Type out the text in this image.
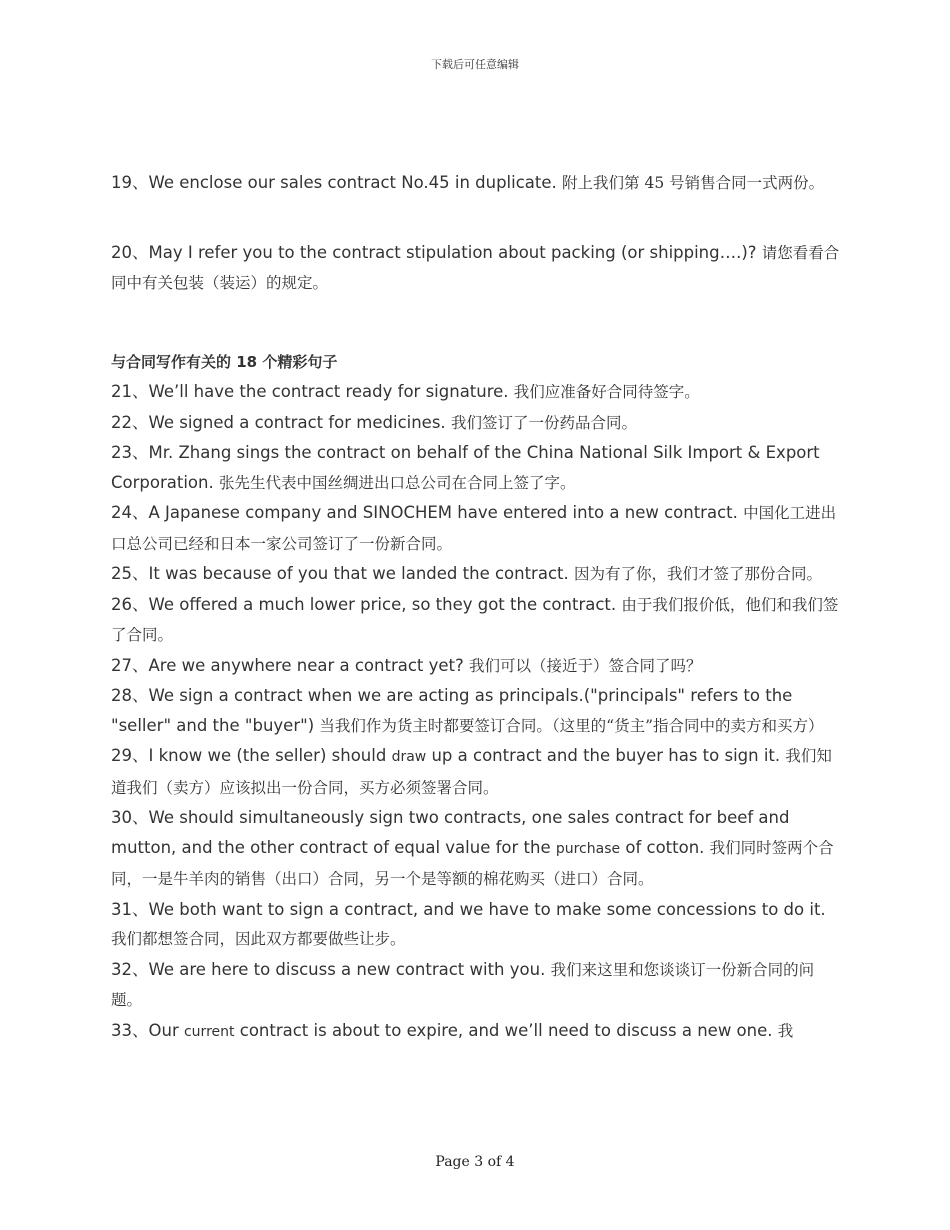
下载后可任意编辑

19、We enclose our sales contract No.45 in duplicate. 附上我们第 45 号销售合同一式两份。

20、May I refer you to the contract stipulation about packing (or shipping….)? 请您看看合同中有关包装（装运）的规定。

与合同写作有关的 18 个精彩句子

21、We’ll have the contract ready for signature. 我们应准备好合同待签字。

22、We signed a contract for medicines. 我们签订了一份药品合同。

23、Mr. Zhang sings the contract on behalf of the China National Silk Import & Export Corporation. 张先生代表中国丝绸进出口总公司在合同上签了字。

24、A Japanese company and SINOCHEM have entered into a new contract. 中国化工进出口总公司已经和日本一家公司签订了一份新合同。

25、It was because of you that we landed the contract. 因为有了你，我们才签了那份合同。

26、We offered a much lower price, so they got the contract. 由于我们报价低，他们和我们签了合同。

27、Are we anywhere near a contract yet? 我们可以（接近于）签合同了吗？

28、We sign a contract when we are acting as principals.("principals" refers to the "seller" and the "buyer") 当我们作为货主时都要签订合同。（这里的“货主”指合同中的卖方和买方）

29、I know we (the seller) should draw up a contract and the buyer has to sign it. 我们知道我们（卖方）应该拟出一份合同，买方必须签署合同。

30、We should simultaneously sign two contracts, one sales contract for beef and mutton, and the other contract of equal value for the purchase of cotton. 我们同时签两个合同，一是牛羊肉的销售（出口）合同，另一个是等额的棉花购买（进口）合同。

31、We both want to sign a contract, and we have to make some concessions to do it. 我们都想签合同，因此双方都要做些让步。

32、We are here to discuss a new contract with you. 我们来这里和您谈谈订一份新合同的问题。

33、Our current contract is about to expire, and we’ll need to discuss a new one. 我

Page 3 of 4
